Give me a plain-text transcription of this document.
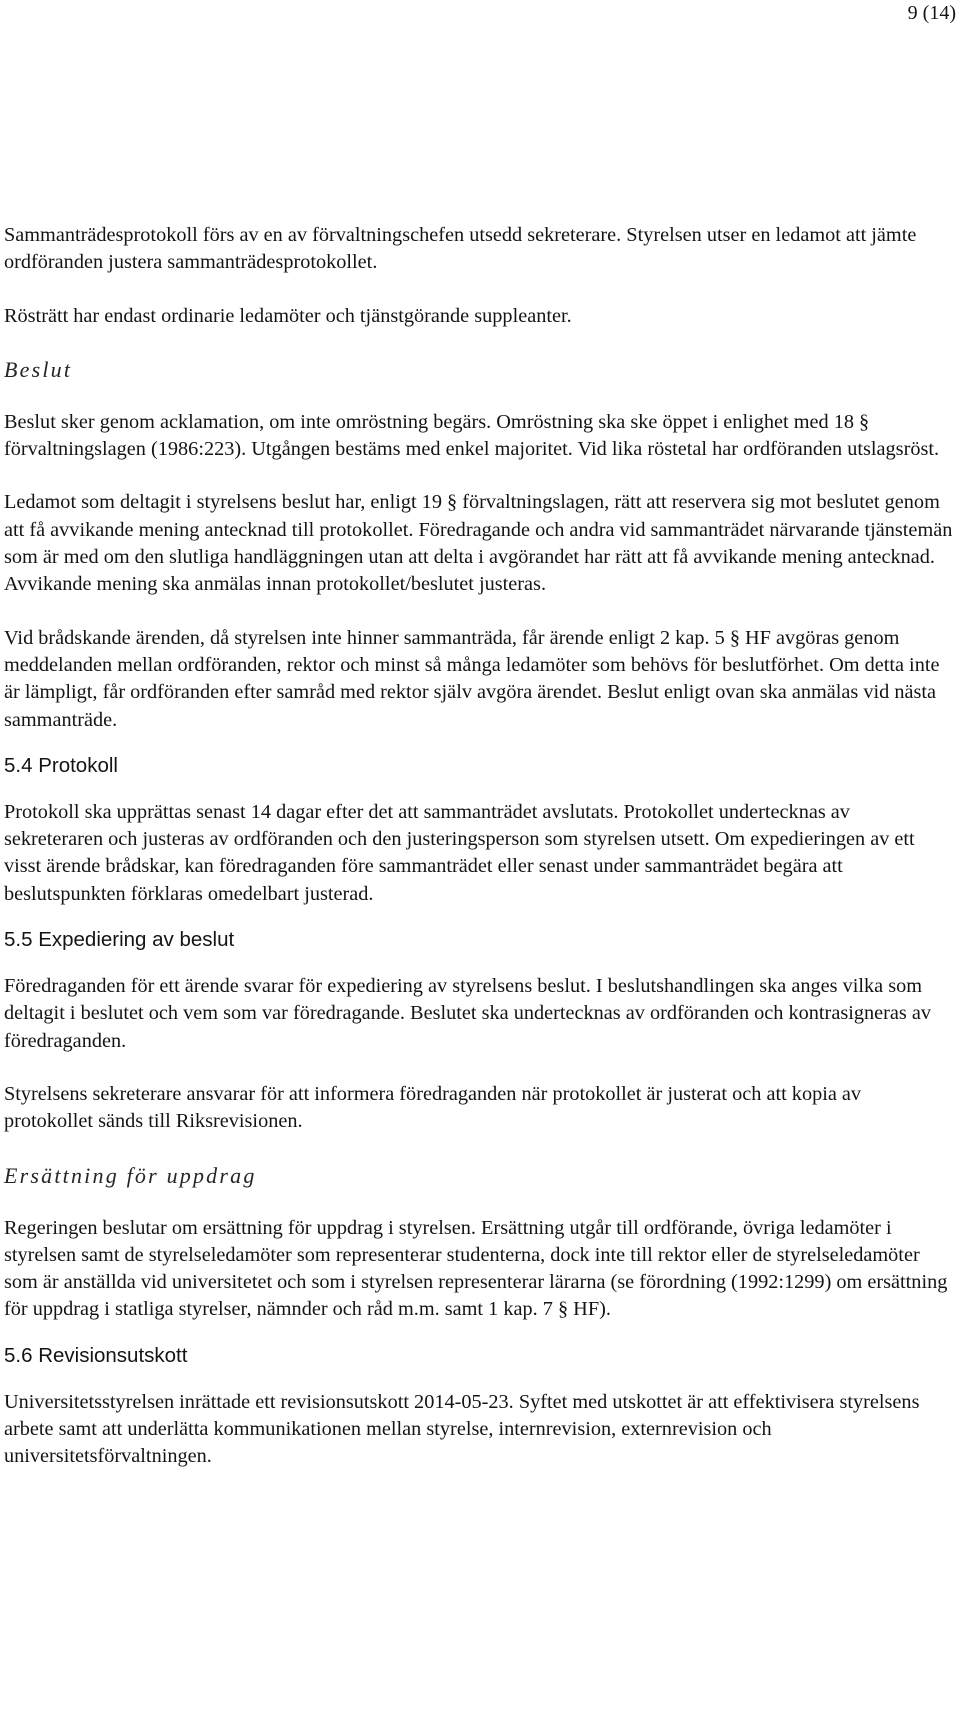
9 (14)

Sammanträdesprotokoll förs av en av förvaltningschefen utsedd sekreterare. Styrelsen utser en ledamot att jämte ordföranden justera sammanträdesprotokollet.

Rösträtt har endast ordinarie ledamöter och tjänstgörande suppleanter.

Beslut

Beslut sker genom acklamation, om inte omröstning begärs. Omröstning ska ske öppet i enlighet med 18 § förvaltningslagen (1986:223). Utgången bestäms med enkel majoritet. Vid lika röstetal har ordföranden utslagsröst.

Ledamot som deltagit i styrelsens beslut har, enligt 19 § förvaltningslagen, rätt att reservera sig mot beslutet genom att få avvikande mening antecknad till protokollet. Föredragande och andra vid sammanträdet närvarande tjänstemän som är med om den slutliga handläggningen utan att delta i avgörandet har rätt att få avvikande mening antecknad. Avvikande mening ska anmälas innan protokollet/beslutet justeras.

Vid brådskande ärenden, då styrelsen inte hinner sammanträda, får ärende enligt 2 kap. 5 § HF avgöras genom meddelanden mellan ordföranden, rektor och minst så många ledamöter som behövs för beslutförhet. Om detta inte är lämpligt, får ordföranden efter samråd med rektor själv avgöra ärendet. Beslut enligt ovan ska anmälas vid nästa sammanträde.

5.4 Protokoll

Protokoll ska upprättas senast 14 dagar efter det att sammanträdet avslutats. Protokollet undertecknas av sekreteraren och justeras av ordföranden och den justeringsperson som styrelsen utsett. Om expedieringen av ett visst ärende brådskar, kan föredraganden före sammanträdet eller senast under sammanträdet begära att beslutspunkten förklaras omedelbart justerad.

5.5 Expediering av beslut

Föredraganden för ett ärende svarar för expediering av styrelsens beslut. I beslutshandlingen ska anges vilka som deltagit i beslutet och vem som var föredragande. Beslutet ska undertecknas av ordföranden och kontrasigneras av föredraganden.

Styrelsens sekreterare ansvarar för att informera föredraganden när protokollet är justerat och att kopia av protokollet sänds till Riksrevisionen.

Ersättning för uppdrag

Regeringen beslutar om ersättning för uppdrag i styrelsen. Ersättning utgår till ordförande, övriga ledamöter i styrelsen samt de styrelseledamöter som representerar studenterna, dock inte till rektor eller de styrelseledamöter som är anställda vid universitetet och som i styrelsen representerar lärarna (se förordning (1992:1299) om ersättning för uppdrag i statliga styrelser, nämnder och råd m.m. samt 1 kap. 7 § HF).

5.6 Revisionsutskott

Universitetsstyrelsen inrättade ett revisionsutskott 2014-05-23. Syftet med utskottet är att effektivisera styrelsens arbete samt att underlätta kommunikationen mellan styrelse, internrevision, externrevision och universitetsförvaltningen.
